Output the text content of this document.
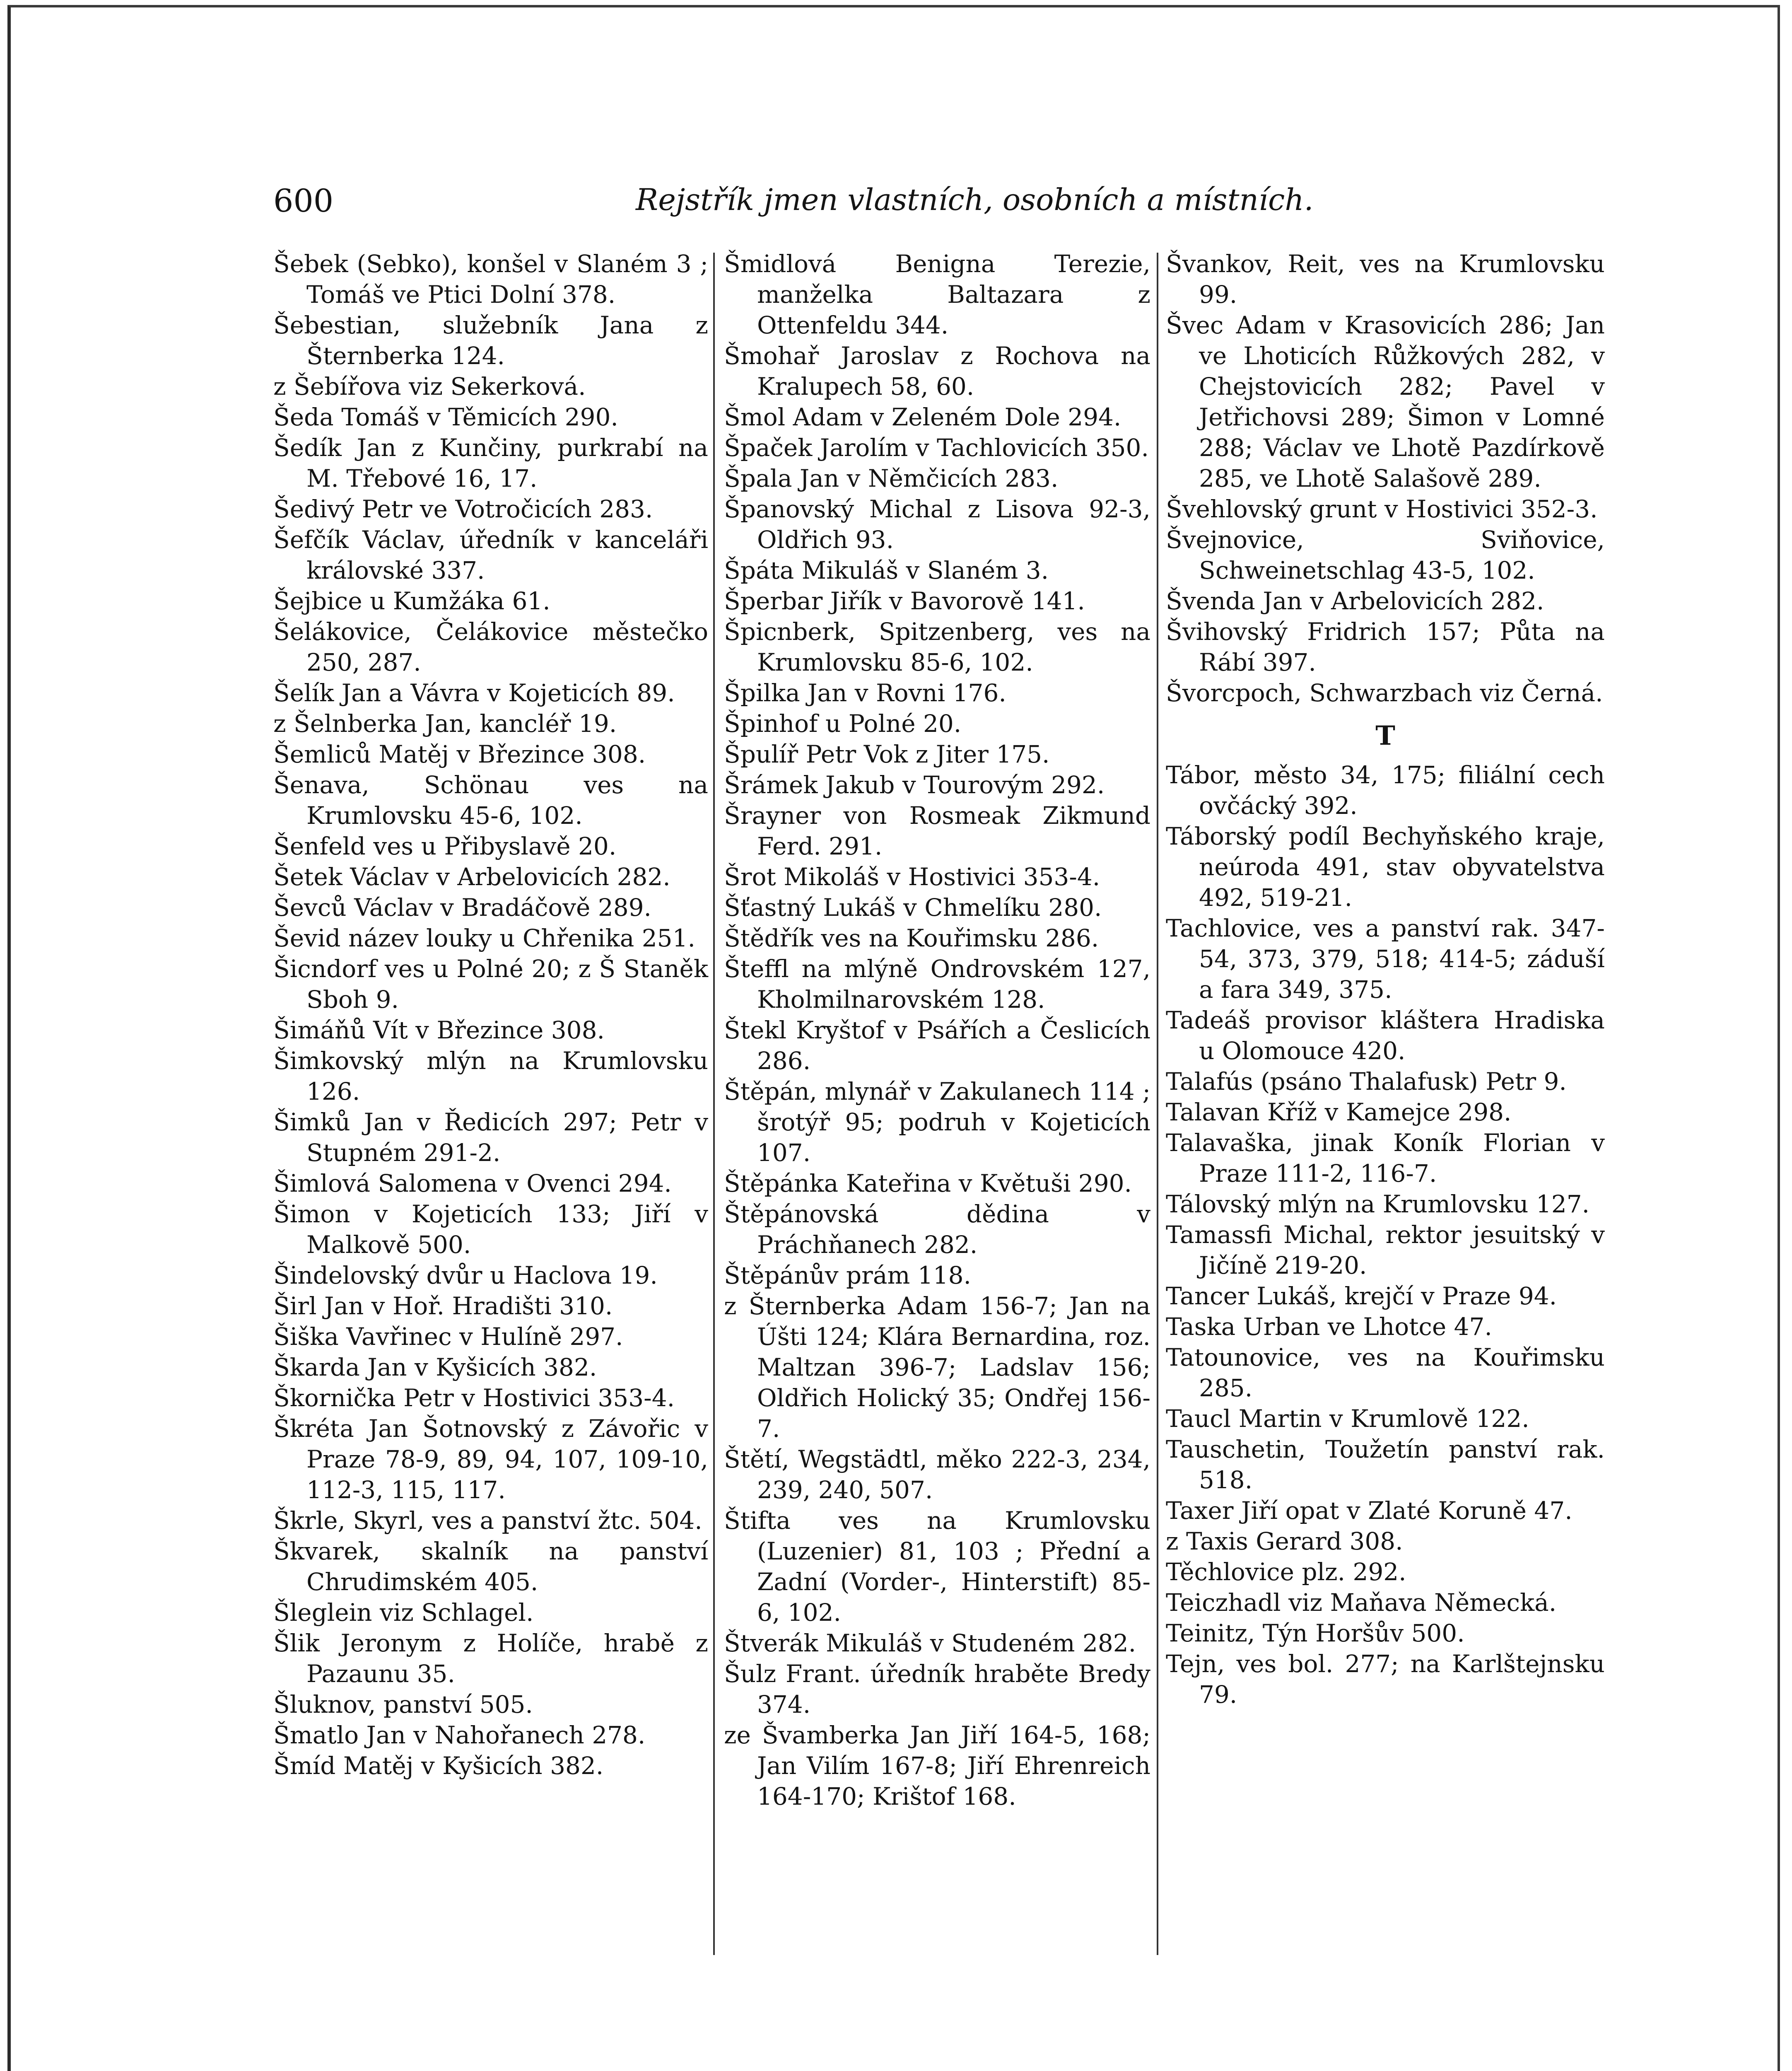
600	Rejstřík jmen vlastních, osobních a místních.

Šebek (Sebko), konšel v Slaném 3 ; Tomáš ve Ptici Dolní 378.

Šebestian, služebník Jana z Šternberka 124.

z Šebířova viz Sekerková.

Šeda Tomáš v Těmicích 290.

Šedík Jan z Kunčiny, purkrabí na M. Třebové 16, 17.

Šedivý Petr ve Votročicích 283.

Šefčík Václav, úředník v kanceláři královské 337.

Šejbice u Kumžáka 61.

Šelákovice, Čelákovice městečko 250, 287.

Šelík Jan a Vávra v Kojeticích 89.

z Šelnberka Jan, kancléř 19.

Šemliců Matěj v Březince 308.

Šenava, Schönau ves na Krumlovsku 45-6, 102.

Šenfeld ves u Přibyslavě 20.

Šetek Václav v Arbelovicích 282.

Ševců Václav v Bradáčově 289.

Ševid název louky u Chřenika 251.

Šicndorf ves u Polné 20; z Š Staněk Sboh 9.

Šimáňů Vít v Březince 308.

Šimkovský mlýn na Krumlovsku 126.

Šimků Jan v Ředicích 297; Petr v Stupném 291-2.

Šimlová Salomena v Ovenci 294.

Šimon v Kojeticích 133; Jiří v Malkově 500.

Šindelovský dvůr u Haclova 19.

Širl Jan v Hoř. Hradišti 310.

Šiška Vavřinec v Hulíně 297.

Škarda Jan v Kyšicích 382.

Škornička Petr v Hostivici 353-4.

Škréta Jan Šotnovský z Závořic v Praze 78-9, 89, 94, 107, 109-10, 112-3, 115, 117.

Škrle, Skyrl, ves a panství žtc. 504.

Škvarek, skalník na panství Chrudimském 405.

Šleglein viz Schlagel.

Šlik Jeronym z Holíče, hrabě z Pazaunu 35.

Šluknov, panství 505.

Šmatlo Jan v Nahořanech 278.

Šmíd Matěj v Kyšicích 382.

Šmidlová Benigna Terezie, manželka Baltazara z Ottenfeldu 344.

Šmohař Jaroslav z Rochova na Kralupech 58, 60.

Šmol Adam v Zeleném Dole 294.

Špaček Jarolím v Tachlovicích 350.

Špala Jan v Němčicích 283.

Španovský Michal z Lisova 92-3, Oldřich 93.

Špáta Mikuláš v Slaném 3.

Šperbar Jiřík v Bavorově 141.

Špicnberk, Spitzenberg, ves na Krumlovsku 85-6, 102.

Špilka Jan v Rovni 176.

Špinhof u Polné 20.

Špulíř Petr Vok z Jiter 175.

Šrámek Jakub v Tourovým 292.

Šrayner von Rosmeak Zikmund Ferd. 291.

Šrot Mikoláš v Hostivici 353-4.

Šťastný Lukáš v Chmelíku 280.

Štědřík ves na Kouřimsku 286.

Šteffl na mlýně Ondrovském 127, Kholmilnarovském 128.

Štekl Kryštof v Psářích a Česlicích 286.

Štěpán, mlynář v Zakulanech 114 ; šrotýř 95; podruh v Kojeticích 107.

Štěpánka Kateřina v Květuši 290.

Štěpánovská dědina v Práchňanech 282.

Štěpánův prám 118.

z Šternberka Adam 156-7; Jan na Úšti 124; Klára Bernardina, roz. Maltzan 396-7; Ladslav 156; Oldřich Holický 35; Ondřej 156-7.

Štětí, Wegstädtl, měko 222-3, 234, 239, 240, 507.

Štifta ves na Krumlovsku (Luzenier) 81, 103 ; Přední a Zadní (Vorder-, Hinterstift) 85-6, 102.

Štverák Mikuláš v Studeném 282.

Šulz Frant. úředník hraběte Bredy 374.

ze Švamberka Jan Jiří 164-5, 168; Jan Vilím 167-8; Jiří Ehrenreich 164-170; Krištof 168.

Švankov, Reit, ves na Krumlovsku 99.

Švec Adam v Krasovicích 286; Jan ve Lhoticích Růžkových 282, v Chejstovicích 282; Pavel v Jetřichovsi 289; Šimon v Lomné 288; Václav ve Lhotě Pazdírkově 285, ve Lhotě Salašově 289.

Švehlovský grunt v Hostivici 352-3.

Švejnovice, Sviňovice, Schweinetschlag 43-5, 102.

Švenda Jan v Arbelovicích 282.

Švihovský Fridrich 157; Půta na Rábí 397.

Švorcpoch, Schwarzbach viz Černá.

T

Tábor, město 34, 175; filiální cech ovčácký 392.

Táborský podíl Bechyňského kraje, neúroda 491, stav obyvatelstva 492, 519-21.

Tachlovice, ves a panství rak. 347-54, 373, 379, 518; 414-5; záduší a fara 349, 375.

Tadeáš provisor kláštera Hradiska u Olomouce 420.

Talafús (psáno Thalafusk) Petr 9.

Talavan Kříž v Kamejce 298.

Talavaška, jinak Koník Florian v Praze 111-2, 116-7.

Tálovský mlýn na Krumlovsku 127.

Tamassfi Michal, rektor jesuitský v Jičíně 219-20.

Tancer Lukáš, krejčí v Praze 94.

Taska Urban ve Lhotce 47.

Tatounovice, ves na Kouřimsku 285.

Taucl Martin v Krumlově 122.

Tauschetin, Toužetín panství rak. 518.

Taxer Jiří opat v Zlaté Koruně 47.

z Taxis Gerard 308.

Těchlovice plz. 292.

Teiczhadl viz Maňava Německá.

Teinitz, Týn Horšův 500.

Tejn, ves bol. 277; na Karlštejnsku 79.
